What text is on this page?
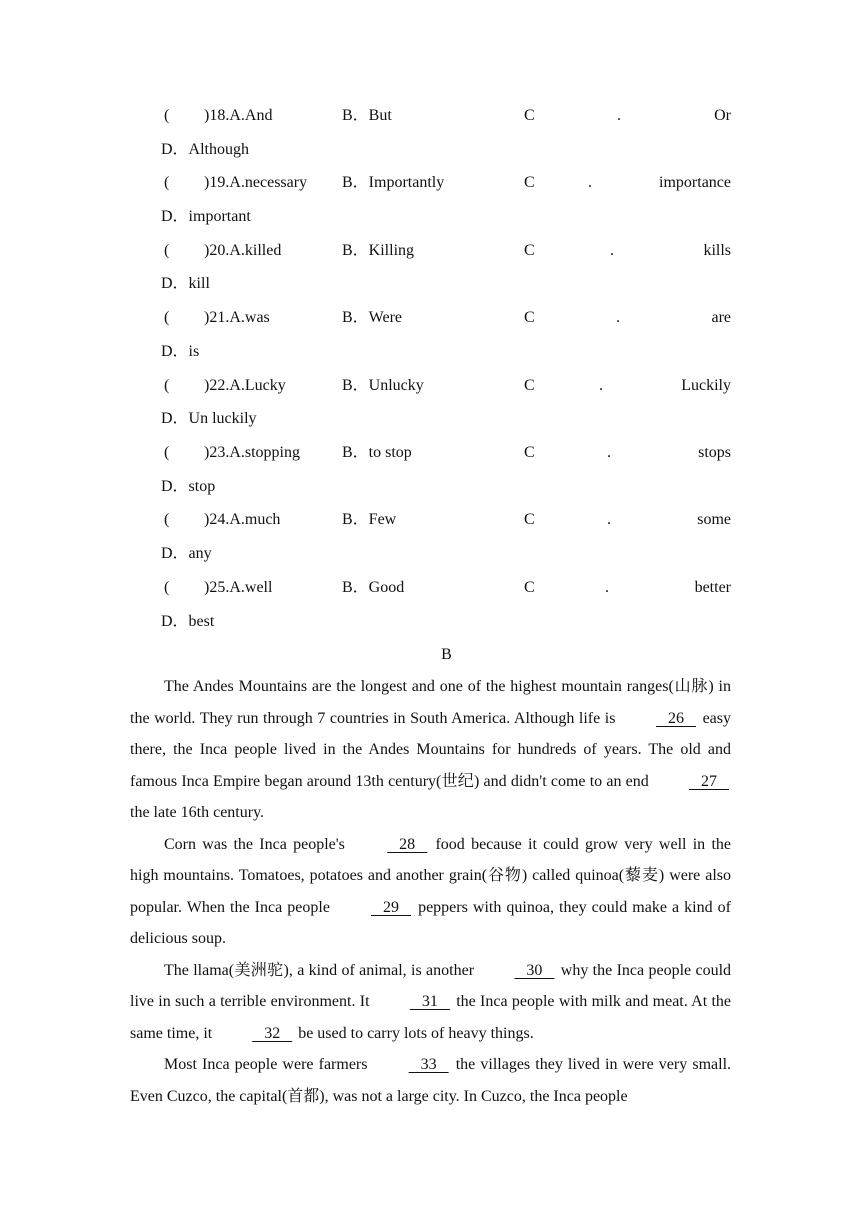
( )18.A.And	B．But	C	.	Or
D．Although
( )19.A.necessary B．Importantly	C	.	importance
D．important
( )20.A.killed	B．Killing	C	.	kills
D．kill
( )21.A.was	B．Were	C	.	are
D．is
( )22.A.Lucky	B．Unlucky	C	.	Luckily
D．Un luckily
( )23.A.stopping	B．to stop	C	.	stops
D．stop
( )24.A.much	B．Few	C	.	some
D．any
( )25.A.well	B．Good	C	.	better
D．best
B

The Andes Mountains are the longest and one of the highest mountain ranges(山脉) in the world. They run through 7 countries in South America. Although life is	26    easy there, the Inca people lived in the Andes Mountains for hundreds of years. The old and famous Inca Empire began around 13th century(世纪) and didn't come to an end	27    the late 16th century.

Corn was the Inca people's	28    food because it could grow very well in the high mountains. Tomatoes, potatoes and another grain(谷物) called quinoa(藜麦) were also popular. When the Inca people	29    peppers with quinoa, they could make a kind of delicious soup.

The llama(美洲驼), a kind of animal, is another	30    why the Inca people could live in such a terrible environment. It	31    the Inca people with milk and meat. At the same time, it	32    be used to carry lots of heavy things.

Most Inca people were farmers	33    the villages they lived in were very small. Even Cuzco, the capital(首都), was not a large city. In Cuzco, the Inca people
